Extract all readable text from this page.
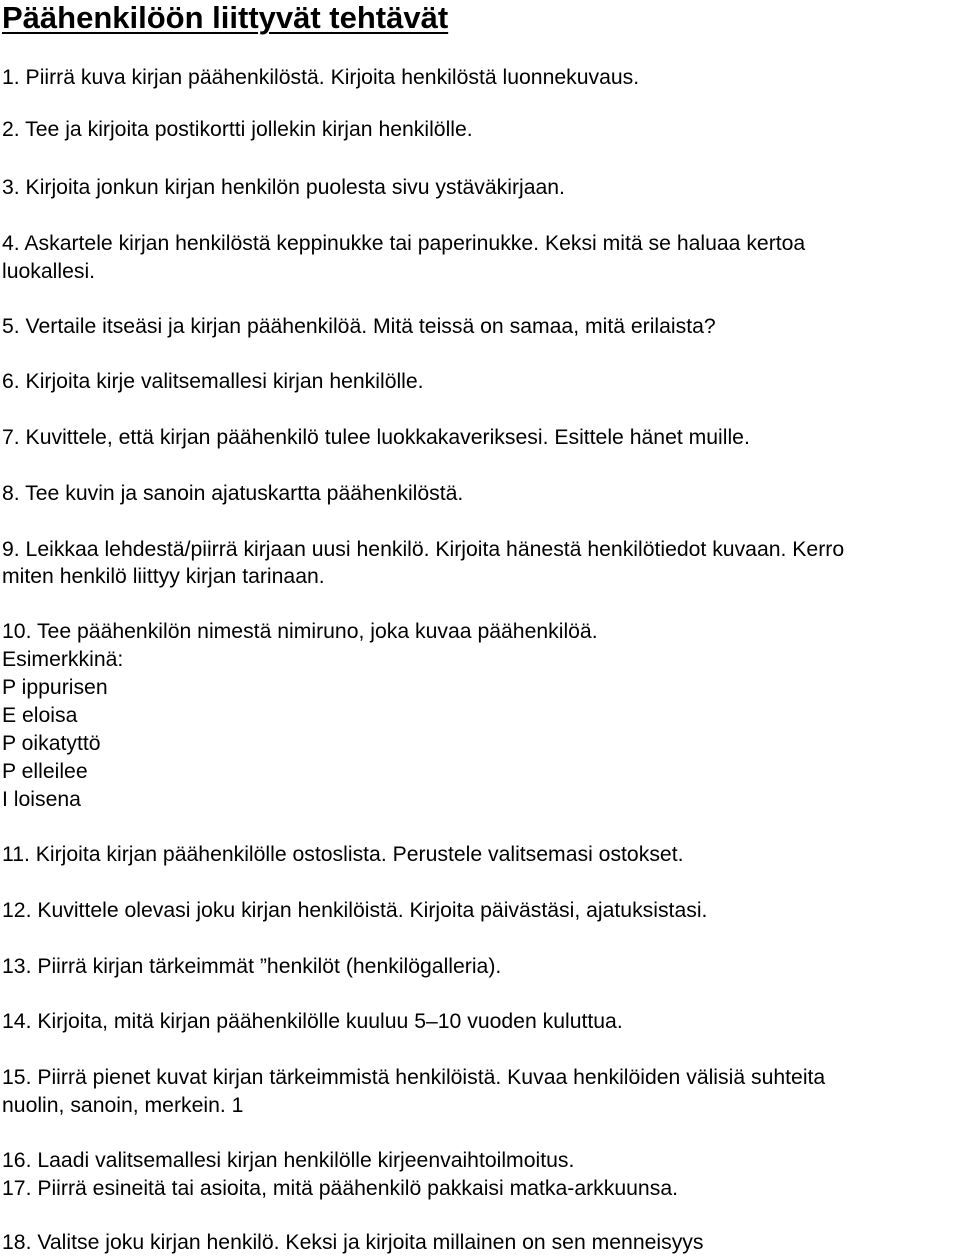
Päähenkilöön liittyvät tehtävät

1. Piirrä kuva kirjan päähenkilöstä. Kirjoita henkilöstä luonnekuvaus.

2. Tee ja kirjoita postikortti jollekin kirjan henkilölle.

3. Kirjoita jonkun kirjan henkilön puolesta sivu ystäväkirjaan.

4. Askartele kirjan henkilöstä keppinukke tai paperinukke. Keksi mitä se haluaa kertoa

luokallesi.

5. Vertaile itseäsi ja kirjan päähenkilöä. Mitä teissä on samaa, mitä erilaista?

6. Kirjoita kirje valitsemallesi kirjan henkilölle.

7. Kuvittele, että kirjan päähenkilö tulee luokkakaveriksesi. Esittele hänet muille.

8. Tee kuvin ja sanoin ajatuskartta päähenkilöstä.

9. Leikkaa lehdestä/piirrä kirjaan uusi henkilö. Kirjoita hänestä henkilötiedot kuvaan. Kerro

miten henkilö liittyy kirjan tarinaan.

10. Tee päähenkilön nimestä nimiruno, joka kuvaa päähenkilöä.

Esimerkkinä:

P ippurisen

E eloisa

P oikatyttö

P elleilee

I loisena

11. Kirjoita kirjan päähenkilölle ostoslista. Perustele valitsemasi ostokset.

12. Kuvittele olevasi joku kirjan henkilöistä. Kirjoita päivästäsi, ajatuksistasi.

13. Piirrä kirjan tärkeimmät ”henkilöt (henkilögalleria).

14. Kirjoita, mitä kirjan päähenkilölle kuuluu 5–10 vuoden kuluttua.

15. Piirrä pienet kuvat kirjan tärkeimmistä henkilöistä. Kuvaa henkilöiden välisiä suhteita

nuolin, sanoin, merkein. 1

16. Laadi valitsemallesi kirjan henkilölle kirjeenvaihtoilmoitus.

17. Piirrä esineitä tai asioita, mitä päähenkilö pakkaisi matka-arkkuunsa.

18. Valitse joku kirjan henkilö. Keksi ja kirjoita millainen on sen menneisyys
